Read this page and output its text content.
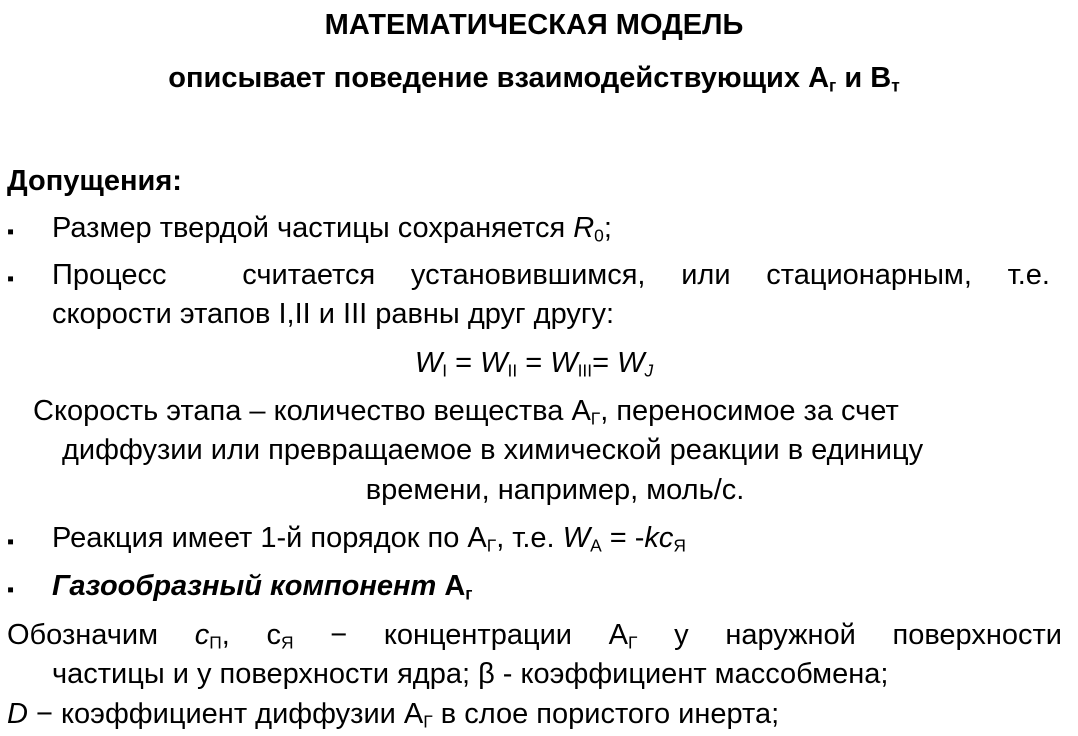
МАТЕМАТИЧЕСКАЯ МОДЕЛЬ
описывает поведение взаимодействующих $А_г$ и $В_т$
Допущения:
▪ Размер твердой частицы сохраняется $R_0$;
▪ Процесс	считается установившимся, или стационарным, т.е.
скорости этапов I,II и III равны друг другу:
$W_I = W_{II} = W_{III}= W_J$
Скорость этапа – количество вещества $А_Г$, переносимое за счет
диффузии или превращаемое в химической реакции в единицу
времени, например, моль/с.
▪ Реакция имеет 1-й порядок по $А_Г$, т.е. $W_А = -kc_Я$
▪ Газообразный компонент $А_г$
Обозначим $c_П$, $с_Я$ − концентрации $А_Г$ у наружной поверхности
частицы и у поверхности ядра; β - коэффициент массобмена;
D − коэффициент диффузии $А_Г$ в слое пористого инерта;
